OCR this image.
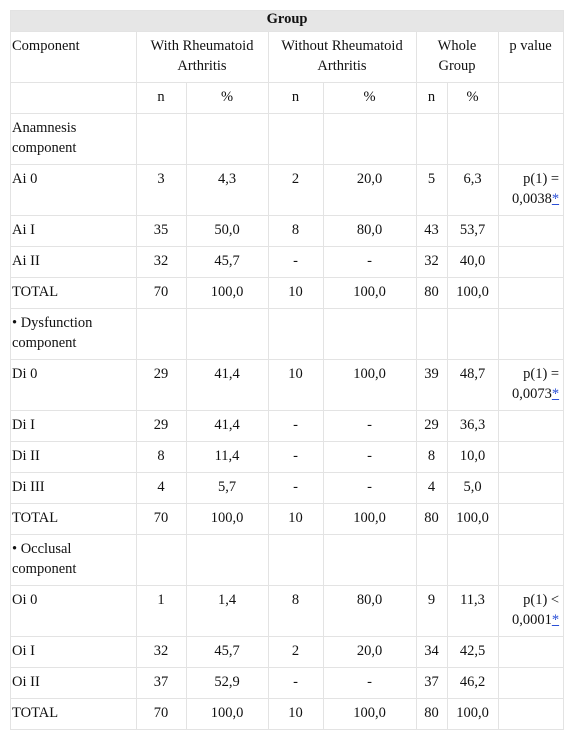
Group							
Component	With Rheumatoid Arthritis		Without Rheumatoid Arthritis		Whole Group		p value
	n	%	n	%	n	%	
Anamnesis component							
Ai 0	3	4,3	2	20,0	5	6,3	p(1) = 0,0038*
Ai I	35	50,0	8	80,0	43	53,7	
Ai II	32	45,7	-	-	32	40,0	
TOTAL	70	100,0	10	100,0	80	100,0	
• Dysfunction component							
Di 0	29	41,4	10	100,0	39	48,7	p(1) = 0,0073*
Di I	29	41,4	-	-	29	36,3	
Di II	8	11,4	-	-	8	10,0	
Di III	4	5,7	-	-	4	5,0	
TOTAL	70	100,0	10	100,0	80	100,0	
• Occlusal component							
Oi 0	1	1,4	8	80,0	9	11,3	p(1) < 0,0001*
Oi I	32	45,7	2	20,0	34	42,5	
Oi II	37	52,9	-	-	37	46,2	
TOTAL	70	100,0	10	100,0	80	100,0	
